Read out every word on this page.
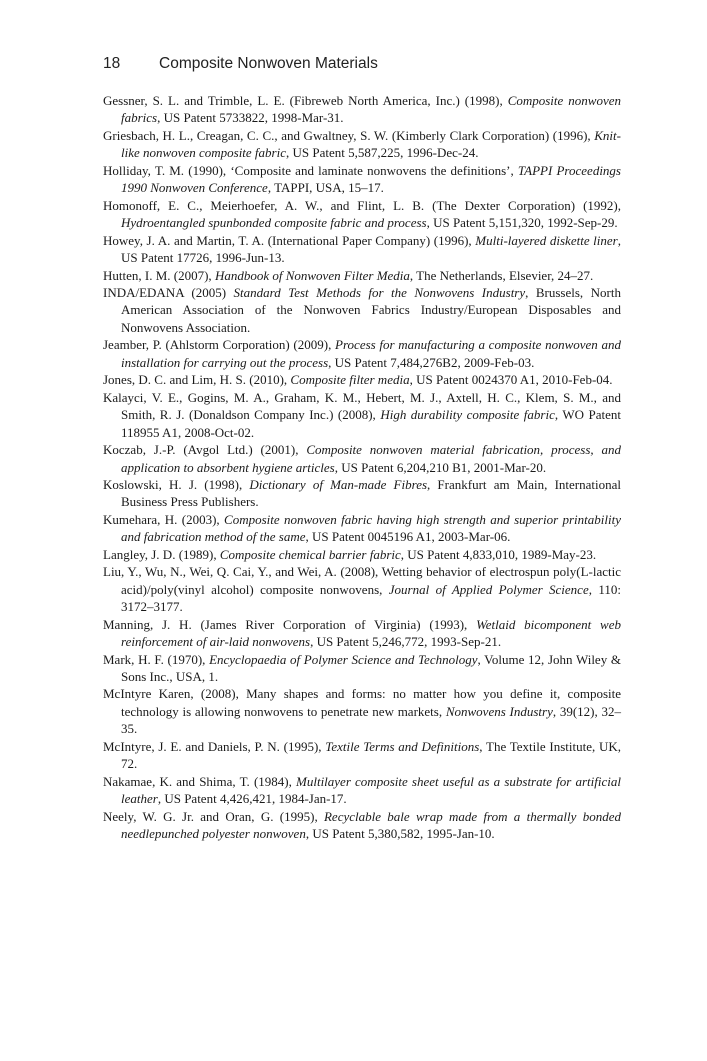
18	Composite Nonwoven Materials

Gessner, S. L. and Trimble, L. E. (Fibreweb North America, Inc.) (1998), Composite nonwoven fabrics, US Patent 5733822, 1998-Mar-31.

Griesbach, H. L., Creagan, C. C., and Gwaltney, S. W. (Kimberly Clark Corporation) (1996), Knit-like nonwoven composite fabric, US Patent 5,587,225, 1996-Dec-24.

Holliday, T. M. (1990), ‘Composite and laminate nonwovens the definitions’, TAPPI Proceedings 1990 Nonwoven Conference, TAPPI, USA, 15–17.

Homonoff, E. C., Meierhoefer, A. W., and Flint, L. B. (The Dexter Corporation) (1992), Hydroentangled spunbonded composite fabric and process, US Patent 5,151,320, 1992-Sep-29.

Howey, J. A. and Martin, T. A. (International Paper Company) (1996), Multi-layered diskette liner, US Patent 17726, 1996-Jun-13.

Hutten, I. M. (2007), Handbook of Nonwoven Filter Media, The Netherlands, Elsevier, 24–27.

INDA/EDANA (2005) Standard Test Methods for the Nonwovens Industry, Brussels, North American Association of the Nonwoven Fabrics Industry/European Disposables and Nonwovens Association.

Jeamber, P. (Ahlstorm Corporation) (2009), Process for manufacturing a composite nonwoven and installation for carrying out the process, US Patent 7,484,276B2, 2009-Feb-03.

Jones, D. C. and Lim, H. S. (2010), Composite filter media, US Patent 0024370 A1, 2010-Feb-04.

Kalayci, V. E., Gogins, M. A., Graham, K. M., Hebert, M. J., Axtell, H. C., Klem, S. M., and Smith, R. J. (Donaldson Company Inc.) (2008), High durability composite fabric, WO Patent 118955 A1, 2008-Oct-02.

Koczab, J.-P. (Avgol Ltd.) (2001), Composite nonwoven material fabrication, process, and application to absorbent hygiene articles, US Patent 6,204,210 B1, 2001-Mar-20.

Koslowski, H. J. (1998), Dictionary of Man-made Fibres, Frankfurt am Main, International Business Press Publishers.

Kumehara, H. (2003), Composite nonwoven fabric having high strength and superior printability and fabrication method of the same, US Patent 0045196 A1, 2003-Mar-06.

Langley, J. D. (1989), Composite chemical barrier fabric, US Patent 4,833,010, 1989-May-23.

Liu, Y., Wu, N., Wei, Q. Cai, Y., and Wei, A. (2008), Wetting behavior of electrospun poly(L-lactic acid)/poly(vinyl alcohol) composite nonwovens, Journal of Applied Polymer Science, 110: 3172–3177.

Manning, J. H. (James River Corporation of Virginia) (1993), Wetlaid bicomponent web reinforcement of air-laid nonwovens, US Patent 5,246,772, 1993-Sep-21.

Mark, H. F. (1970), Encyclopaedia of Polymer Science and Technology, Volume 12, John Wiley & Sons Inc., USA, 1.

McIntyre Karen, (2008), Many shapes and forms: no matter how you define it, composite technology is allowing nonwovens to penetrate new markets, Nonwovens Industry, 39(12), 32–35.

McIntyre, J. E. and Daniels, P. N. (1995), Textile Terms and Definitions, The Textile Institute, UK, 72.

Nakamae, K. and Shima, T. (1984), Multilayer composite sheet useful as a substrate for artificial leather, US Patent 4,426,421, 1984-Jan-17.

Neely, W. G. Jr. and Oran, G. (1995), Recyclable bale wrap made from a thermally bonded needlepunched polyester nonwoven, US Patent 5,380,582, 1995-Jan-10.
